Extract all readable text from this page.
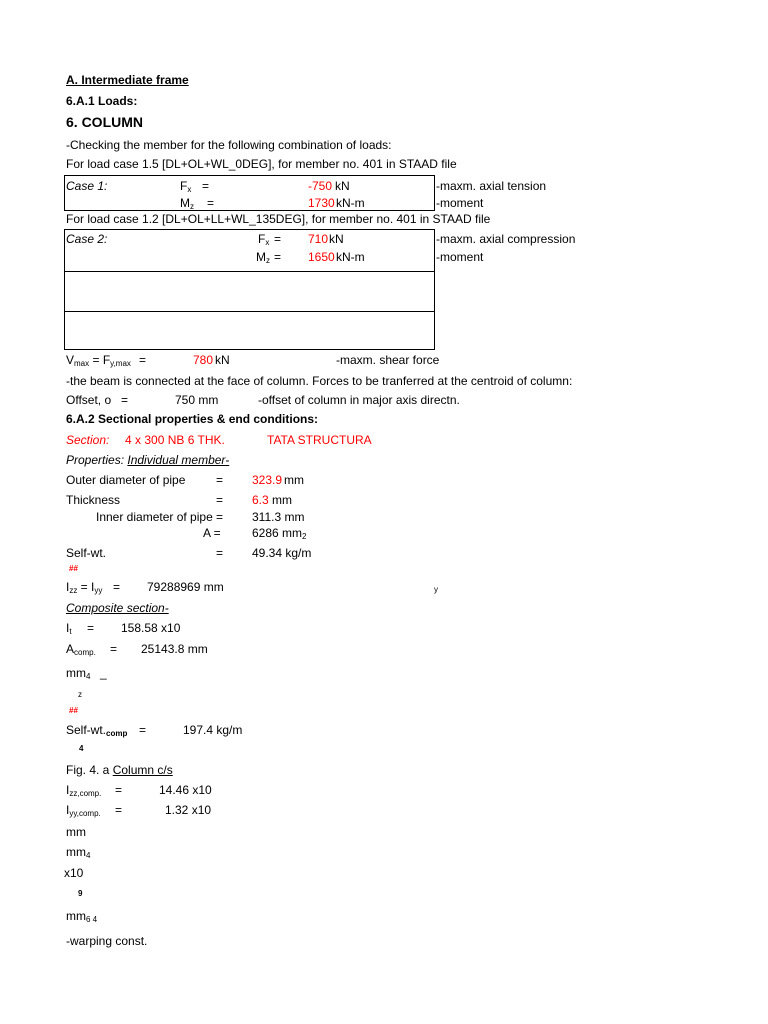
A. Intermediate frame
6.A.1 Loads:
6. COLUMN
-Checking the member for the following combination of loads:
For load case 1.5 [DL+OL+WL_0DEG], for member no. 401 in STAAD file
Case 1:	$F_x$ =	-750 kN	-maxm. axial tension
$M_z$ =	1730 kN-m	-moment
For load case 1.2 [DL+OL+LL+WL_135DEG], for member no. 401 in STAAD file
Case 2:	$F_x = 710$ kN	-maxm. axial compression
$M_z = 1650$ kN-m	-moment
$V_{max} = F_{y,max}$ =	780 kN	-maxm. shear force
-the beam is connected at the face of column. Forces to be tranferred at the centroid of column:
Offset, o =	750 mm	-offset of column in major axis directn.
6.A.2 Sectional properties & end conditions:
Section: 4 x 300 NB 6 THK.	TATA STRUCTURA
Properties: Individual member-
Outer diameter of pipe	= 323.9 mm
Thickness	= 6.3 mm
Inner diameter of pipe = 311.3 mm
A =	6286 $mm_2$
Self-wt.	= 49.34 kg/m
##
$I_{zz} = I_{yy} = 79288969$ mm	y
Composite section-
$I_t = 158.58$ x10
$A_{comp.} = 25143.8$ mm
$mm_4$ _
z
##
Self-$wt._{comp}$ =	197.4 kg/m
4
Fig. 4. a Column c/s
$I_{zz,comp.}$ =	14.46 x10
$I_{yy,comp.}$ =	1.32 x10
mm
$mm_4$
x10
9
$mm_{6 4}$
-warping const.
